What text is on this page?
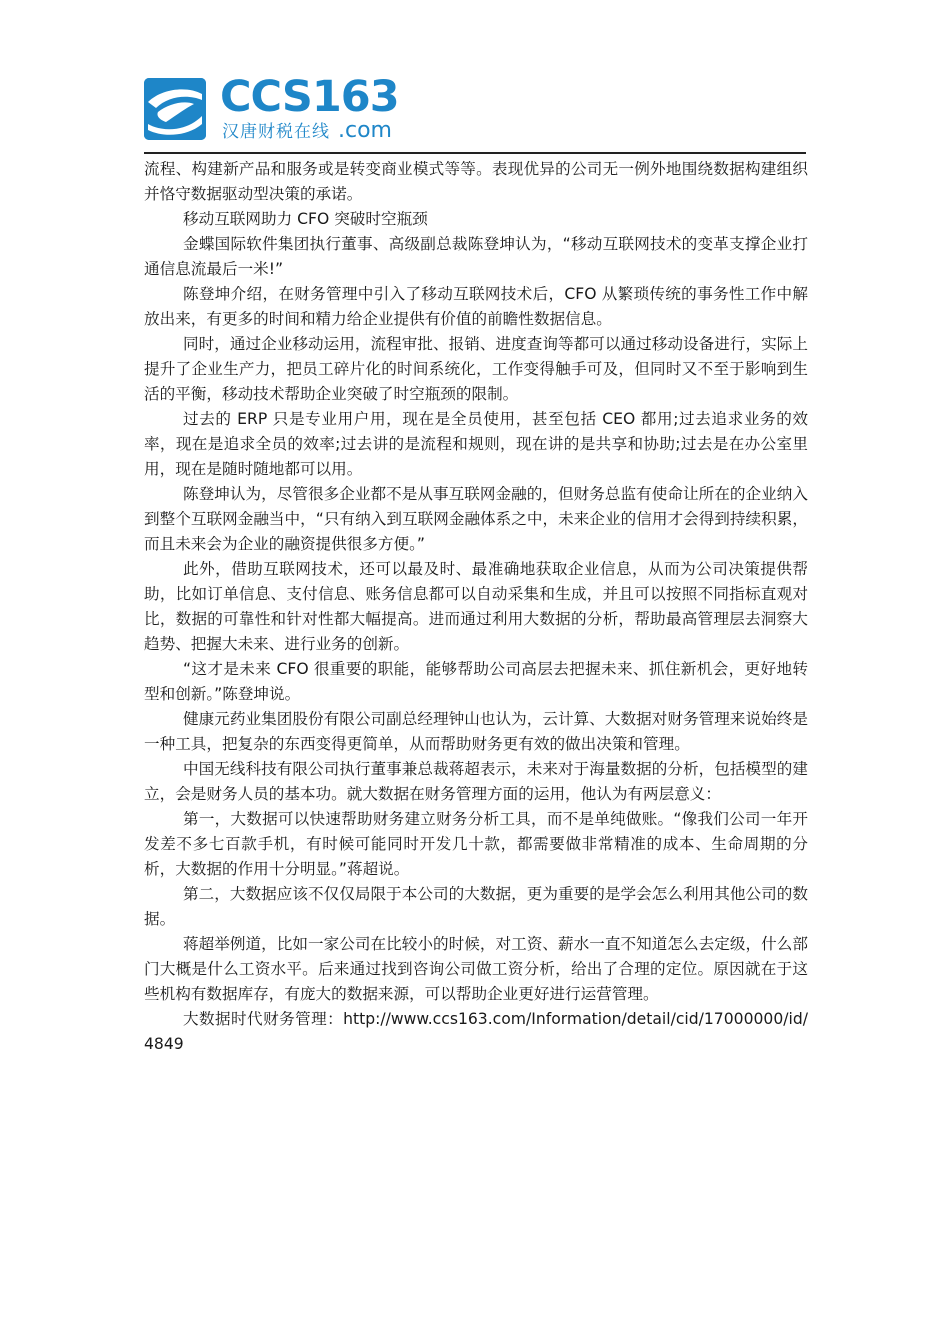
CCS163
汉唐财税在线 .com

流程、构建新产品和服务或是转变商业模式等等。表现优异的公司无一例外地围绕数据构建组织并恪守数据驱动型决策的承诺。

移动互联网助力 CFO 突破时空瓶颈

金蝶国际软件集团执行董事、高级副总裁陈登坤认为，“移动互联网技术的变革支撑企业打通信息流最后一米!”

陈登坤介绍，在财务管理中引入了移动互联网技术后，CFO 从繁琐传统的事务性工作中解放出来，有更多的时间和精力给企业提供有价值的前瞻性数据信息。

同时，通过企业移动运用，流程审批、报销、进度查询等都可以通过移动设备进行，实际上提升了企业生产力，把员工碎片化的时间系统化，工作变得触手可及，但同时又不至于影响到生活的平衡，移动技术帮助企业突破了时空瓶颈的限制。

过去的 ERP 只是专业用户用，现在是全员使用，甚至包括 CEO 都用;过去追求业务的效率，现在是追求全员的效率;过去讲的是流程和规则，现在讲的是共享和协助;过去是在办公室里用，现在是随时随地都可以用。

陈登坤认为，尽管很多企业都不是从事互联网金融的，但财务总监有使命让所在的企业纳入到整个互联网金融当中，“只有纳入到互联网金融体系之中，未来企业的信用才会得到持续积累，而且未来会为企业的融资提供很多方便。”

此外，借助互联网技术，还可以最及时、最准确地获取企业信息，从而为公司决策提供帮助，比如订单信息、支付信息、账务信息都可以自动采集和生成，并且可以按照不同指标直观对比，数据的可靠性和针对性都大幅提高。进而通过利用大数据的分析，帮助最高管理层去洞察大趋势、把握大未来、进行业务的创新。

“这才是未来 CFO 很重要的职能，能够帮助公司高层去把握未来、抓住新机会，更好地转型和创新。”陈登坤说。

健康元药业集团股份有限公司副总经理钟山也认为，云计算、大数据对财务管理来说始终是一种工具，把复杂的东西变得更简单，从而帮助财务更有效的做出决策和管理。

中国无线科技有限公司执行董事兼总裁蒋超表示，未来对于海量数据的分析，包括模型的建立，会是财务人员的基本功。就大数据在财务管理方面的运用，他认为有两层意义：

第一，大数据可以快速帮助财务建立财务分析工具，而不是单纯做账。“像我们公司一年开发差不多七百款手机，有时候可能同时开发几十款，都需要做非常精准的成本、生命周期的分析，大数据的作用十分明显。”蒋超说。

第二，大数据应该不仅仅局限于本公司的大数据，更为重要的是学会怎么利用其他公司的数据。

蒋超举例道，比如一家公司在比较小的时候，对工资、薪水一直不知道怎么去定级，什么部门大概是什么工资水平。后来通过找到咨询公司做工资分析，给出了合理的定位。原因就在于这些机构有数据库存，有庞大的数据来源，可以帮助企业更好进行运营管理。

大数据时代财务管理：http://www.ccs163.com/Information/detail/cid/17000000/id/4849
